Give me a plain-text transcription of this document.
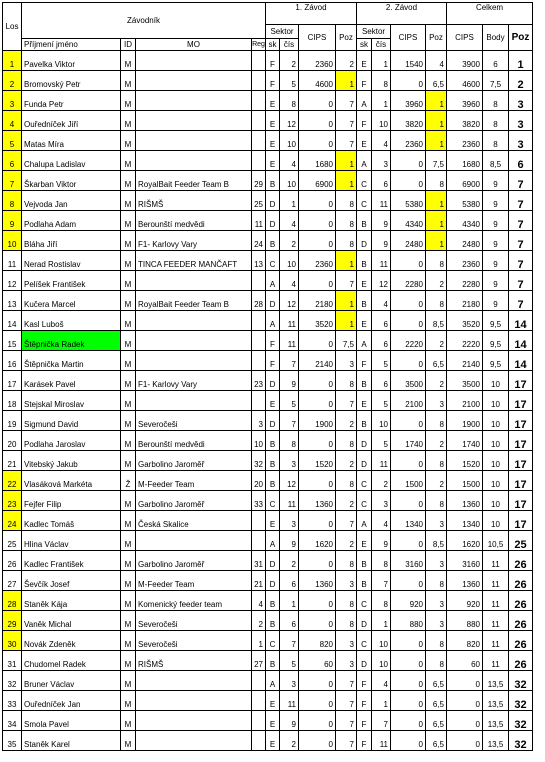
Los	Závodník				1. Závod				2. Závod				Celkem		
					Sektor		CIPS	Poz	Sektor		CIPS	Poz	CIPS	Body	Poz
	Příjmení jméno	ID	MO	Reg	sk	čís			sk	čís					
1	Pavelka Viktor	M			F	2	2360	2	E	1	1540	4	3900	6	1
2	Bromovský Petr	M			F	5	4600	1	F	8	0	6,5	4600	7,5	2
3	Funda Petr	M			E	8	0	7	A	1	3960	1	3960	8	3
4	Ouředníček Jiří	M			E	12	0	7	F	10	3820	1	3820	8	3
5	Matas Míra	M			E	10	0	7	E	4	2360	1	2360	8	3
6	Chalupa Ladislav	M			E	4	1680	1	A	3	0	7,5	1680	8,5	6
7	Škarban Viktor	M	RoyalBait Feeder Team B	29	B	10	6900	1	C	6	0	8	6900	9	7
8	Vejvoda Jan	M	RIŠMŠ	25	D	1	0	8	C	11	5380	1	5380	9	7
9	Podlaha Adam	M	Berounští medvědi	11	D	4	0	8	B	9	4340	1	4340	9	7
10	Bláha Jiří	M	F1- Karlovy Vary	24	B	2	0	8	D	9	2480	1	2480	9	7
11	Nerad Rostislav	M	TINCA FEEDER MANČAFT	13	C	10	2360	1	B	11	0	8	2360	9	7
12	Pelíšek František	M			A	4	0	7	E	12	2280	2	2280	9	7
13	Kučera Marcel	M	RoyalBait Feeder Team B	28	D	12	2180	1	B	4	0	8	2180	9	7
14	Kasl Luboš	M			A	11	3520	1	E	6	0	8,5	3520	9,5	14
15	Štěpnička Radek	M			F	11	0	7,5	A	6	2220	2	2220	9,5	14
16	Štěpnička Martin	M			F	7	2140	3	F	5	0	6,5	2140	9,5	14
17	Karásek Pavel	M	F1- Karlovy Vary	23	D	9	0	8	B	6	3500	2	3500	10	17
18	Stejskal Miroslav	M			E	5	0	7	E	5	2100	3	2100	10	17
19	Sigmund David	M	Severočeši	3	D	7	1900	2	B	10	0	8	1900	10	17
20	Podlaha Jaroslav	M	Berounští medvědi	10	B	8	0	8	D	5	1740	2	1740	10	17
21	Vitebský Jakub	M	Garbolino Jaroměř	32	B	3	1520	2	D	11	0	8	1520	10	17
22	Vlasáková Markéta	Ž	M-Feeder Team	20	B	12	0	8	C	2	1500	2	1500	10	17
23	Fejfer Filip	M	Garbolino Jaroměř	33	C	11	1360	2	C	3	0	8	1360	10	17
24	Kadlec Tomáš	M	Česká Skalice		E	3	0	7	A	4	1340	3	1340	10	17
25	Hlina Václav	M			A	9	1620	2	E	9	0	8,5	1620	10,5	25
26	Kadlec František	M	Garbolino Jaroměř	31	D	2	0	8	B	8	3160	3	3160	11	26
27	Ševčík Josef	M	M-Feeder Team	21	D	6	1360	3	B	7	0	8	1360	11	26
28	Staněk Kája	M	Komenický feeder team	4	B	1	0	8	C	8	920	3	920	11	26
29	Vaněk Michal	M	Severočeši	2	B	6	0	8	D	1	880	3	880	11	26
30	Novák Zdeněk	M	Severočeši	1	C	7	820	3	C	10	0	8	820	11	26
31	Chudomel Radek	M	RIŠMŠ	27	B	5	60	3	D	10	0	8	60	11	26
32	Bruner Václav	M			A	3	0	7	F	4	0	6,5	0	13,5	32
33	Ouředníček Jan	M			E	11	0	7	F	1	0	6,5	0	13,5	32
34	Smola Pavel	M			E	9	0	7	F	7	0	6,5	0	13,5	32
35	Staněk Karel	M			E	2	0	7	F	11	0	6,5	0	13,5	32
